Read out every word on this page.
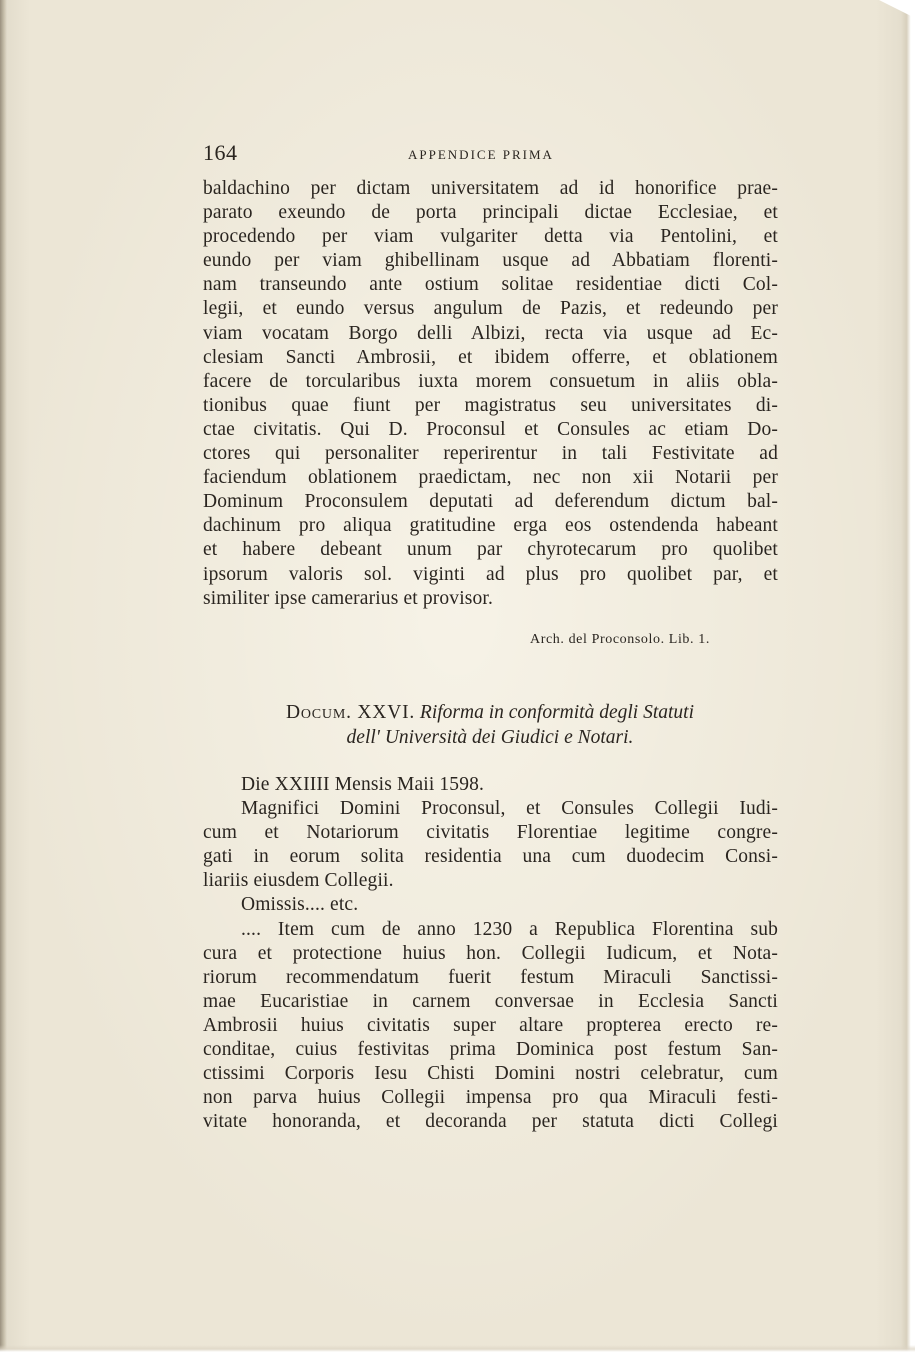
164	APPENDICE PRIMA
baldachino per dictam universitatem ad id honorifice prae-
parato exeundo de porta principali dictae Ecclesiae, et
procedendo per viam vulgariter detta via Pentolini, et
eundo per viam ghibellinam usque ad Abbatiam florenti-
nam transeundo ante ostium solitae residentiae dicti Col-
legii, et eundo versus angulum de Pazis, et redeundo per
viam vocatam Borgo delli Albizi, recta via usque ad Ec-
clesiam Sancti Ambrosii, et ibidem offerre, et oblationem
facere de torcularibus iuxta morem consuetum in aliis obla-
tionibus quae fiunt per magistratus seu universitates di-
ctae civitatis. Qui D. Proconsul et Consules ac etiam Do-
ctores qui personaliter reperirentur in tali Festivitate ad
faciendum oblationem praedictam, nec non xii Notarii per
Dominum Proconsulem deputati ad deferendum dictum bal-
dachinum pro aliqua gratitudine erga eos ostendenda habeant
et habere debeant unum par chyrotecarum pro quolibet
ipsorum valoris sol. viginti ad plus pro quolibet par, et
similiter ipse camerarius et provisor.
Arch. del Proconsolo. Lib. 1.
Docum. XXVI. Riforma in conformità degli Statuti
dell' Università dei Giudici e Notari.
Die XXIIII Mensis Maii 1598.
Magnifici Domini Proconsul, et Consules Collegii Iudi-
cum et Notariorum civitatis Florentiae legitime congre-
gati in eorum solita residentia una cum duodecim Consi-
liariis eiusdem Collegii.
Omissis.... etc.
.... Item cum de anno 1230 a Republica Florentina sub
cura et protectione huius hon. Collegii Iudicum, et Nota-
riorum recommendatum fuerit festum Miraculi Sanctissi-
mae Eucaristiae in carnem conversae in Ecclesia Sancti
Ambrosii huius civitatis super altare propterea erecto re-
conditae, cuius festivitas prima Dominica post festum San-
ctissimi Corporis Iesu Chisti Domini nostri celebratur, cum
non parva huius Collegii impensa pro qua Miraculi festi-
vitate honoranda, et decoranda per statuta dicti Collegi
